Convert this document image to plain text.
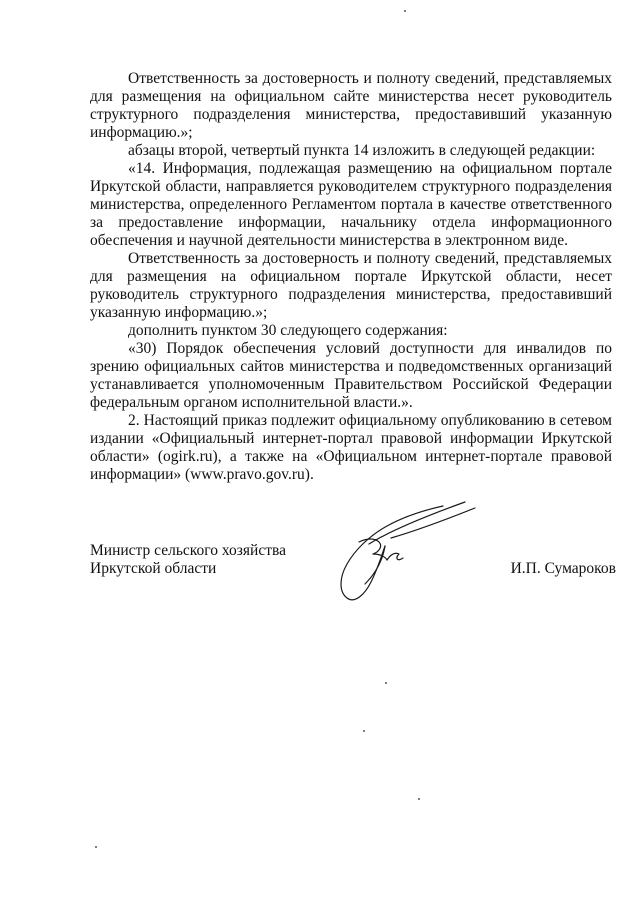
Ответственность за достоверность и полноту сведений, представляемых для размещения на официальном сайте министерства несет руководитель структурного подразделения министерства, предоставивший указанную информацию.»;

абзацы второй, четвертый пункта 14 изложить в следующей редакции:

«14. Информация, подлежащая размещению на официальном портале Иркутской области, направляется руководителем структурного подразделения министерства, определенного Регламентом портала в качестве ответственного за предоставление информации, начальнику отдела информационного обеспечения и научной деятельности министерства в электронном виде.

Ответственность за достоверность и полноту сведений, представляемых для размещения на официальном портале Иркутской области, несет руководитель структурного подразделения министерства, предоставивший указанную информацию.»;

дополнить пунктом 30 следующего содержания:

«30) Порядок обеспечения условий доступности для инвалидов по зрению официальных сайтов министерства и подведомственных организаций устанавливается уполномоченным Правительством Российской Федерации федеральным органом исполнительной власти.».

2. Настоящий приказ подлежит официальному опубликованию в сетевом издании «Официальный интернет-портал правовой информации Иркутской области» (ogirk.ru), а также на «Официальном интернет-портале правовой информации» (www.pravo.gov.ru).

Министр сельского хозяйства
Иркутской области	И.П. Сумароков
